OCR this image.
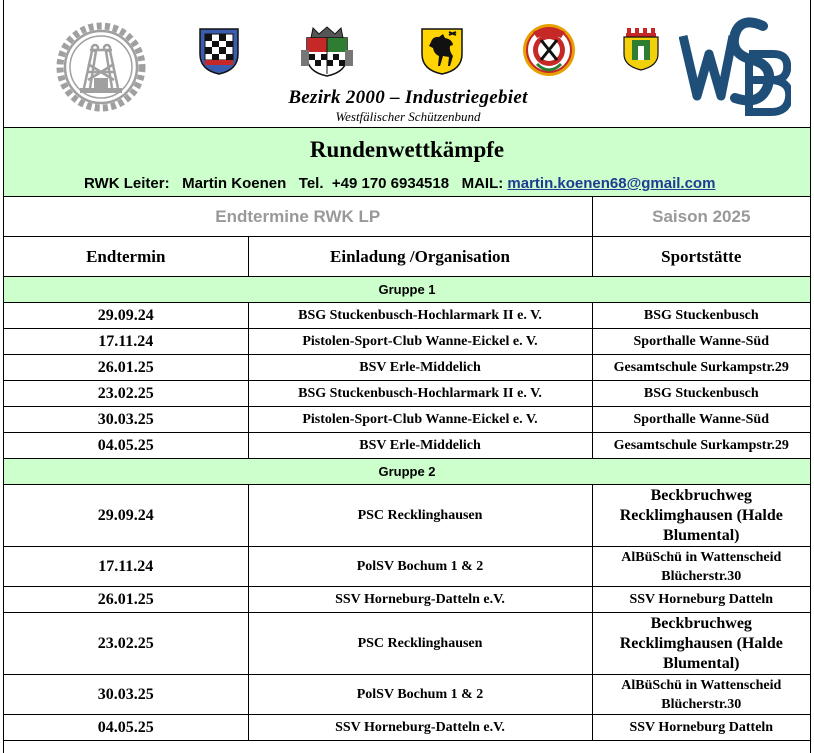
Bezirk 2000 – Industriegebiet
Westfälischer Schützenbund
Rundenwettkämpfe
RWK Leiter: Martin Koenen Tel. +49 170 6934518 MAIL: martin.koenen68@gmail.com
Endtermine RWK LP		Saison 2025
Endtermin	Einladung /Organisation	Sportstätte
Gruppe 1		
29.09.24	BSG Stuckenbusch-Hochlarmark II e. V.	BSG Stuckenbusch
17.11.24	Pistolen-Sport-Club Wanne-Eickel e. V.	Sporthalle Wanne-Süd
26.01.25	BSV Erle-Middelich	Gesamtschule Surkampstr.29
23.02.25	BSG Stuckenbusch-Hochlarmark II e. V.	BSG Stuckenbusch
30.03.25	Pistolen-Sport-Club Wanne-Eickel e. V.	Sporthalle Wanne-Süd
04.05.25	BSV Erle-Middelich	Gesamtschule Surkampstr.29
Gruppe 2		
29.09.24	PSC Recklinghausen	Beckbruchweg Recklimghausen (Halde Blumental)
17.11.24	PolSV Bochum 1 & 2	AlBüSchü in Wattenscheid Blücherstr.30
26.01.25	SSV Horneburg-Datteln e.V.	SSV Horneburg Datteln
23.02.25	PSC Recklinghausen	Beckbruchweg Recklimghausen (Halde Blumental)
30.03.25	PolSV Bochum 1 & 2	AlBüSchü in Wattenscheid Blücherstr.30
04.05.25	SSV Horneburg-Datteln e.V.	SSV Horneburg Datteln
